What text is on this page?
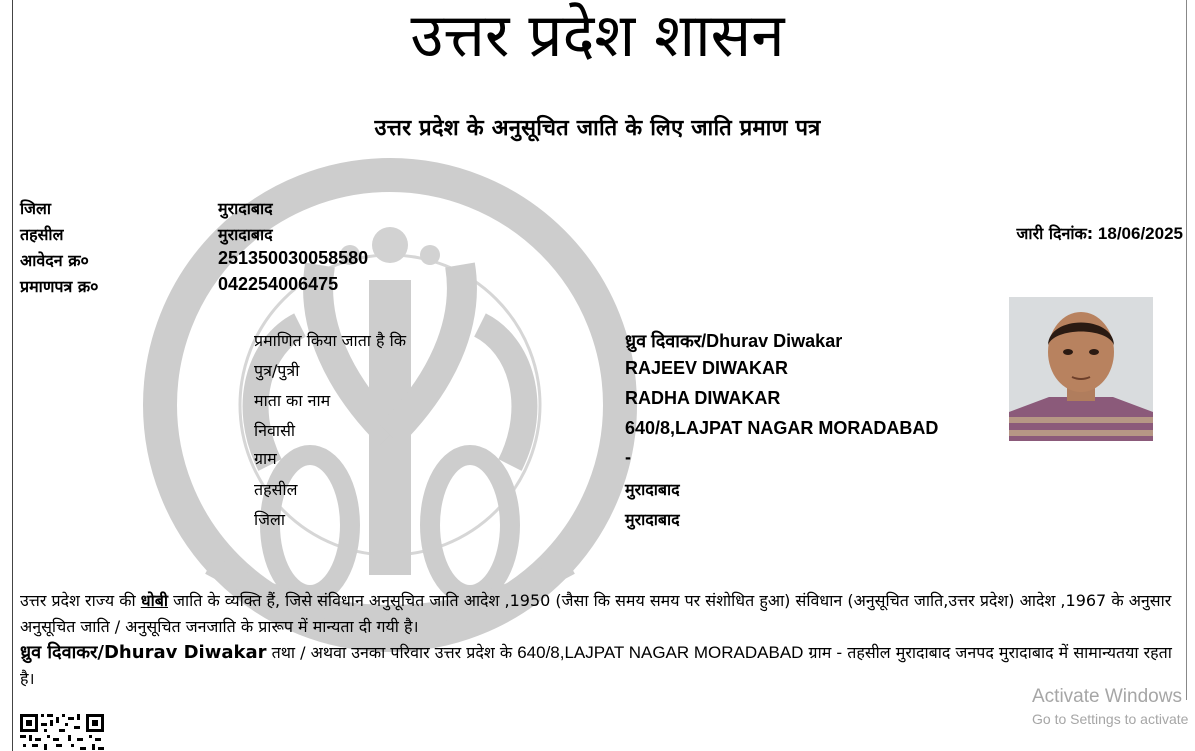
उत्तर प्रदेश शासन
उत्तर प्रदेश के अनुसूचित जाति के लिए जाति प्रमाण पत्र
जिला	मुरादाबाद
तहसील	मुरादाबाद
आवेदन क्र०	251350030058580
प्रमाणपत्र क्र०	042254006475
जारी दिनांक: 18/06/2025
प्रमाणित किया जाता है कि	ध्रुव दिवाकर/Dhurav Diwakar
पुत्र/पुत्री	RAJEEV DIWAKAR
माता का नाम	RADHA DIWAKAR
निवासी	640/8,LAJPAT NAGAR MORADABAD
ग्राम	-
तहसील	मुरादाबाद
जिला	मुरादाबाद
उत्तर प्रदेश राज्य की धोबी जाति के व्यक्ति हैं, जिसे संविधान अनुसूचित जाति आदेश ,1950 (जैसा कि समय समय पर संशोधित हुआ) संविधान (अनुसूचित जाति,उत्तर प्रदेश) आदेश ,1967 के अनुसार अनुसूचित जाति / अनुसूचित जनजाति के प्रारूप में मान्यता दी गयी है।
ध्रुव दिवाकर/Dhurav Diwakar तथा / अथवा उनका परिवार उत्तर प्रदेश के 640/8,LAJPAT NAGAR MORADABAD ग्राम - तहसील मुरादाबाद जनपद मुरादाबाद में सामान्यतया रहता है।
Activate Windows
Go to Settings to activate
